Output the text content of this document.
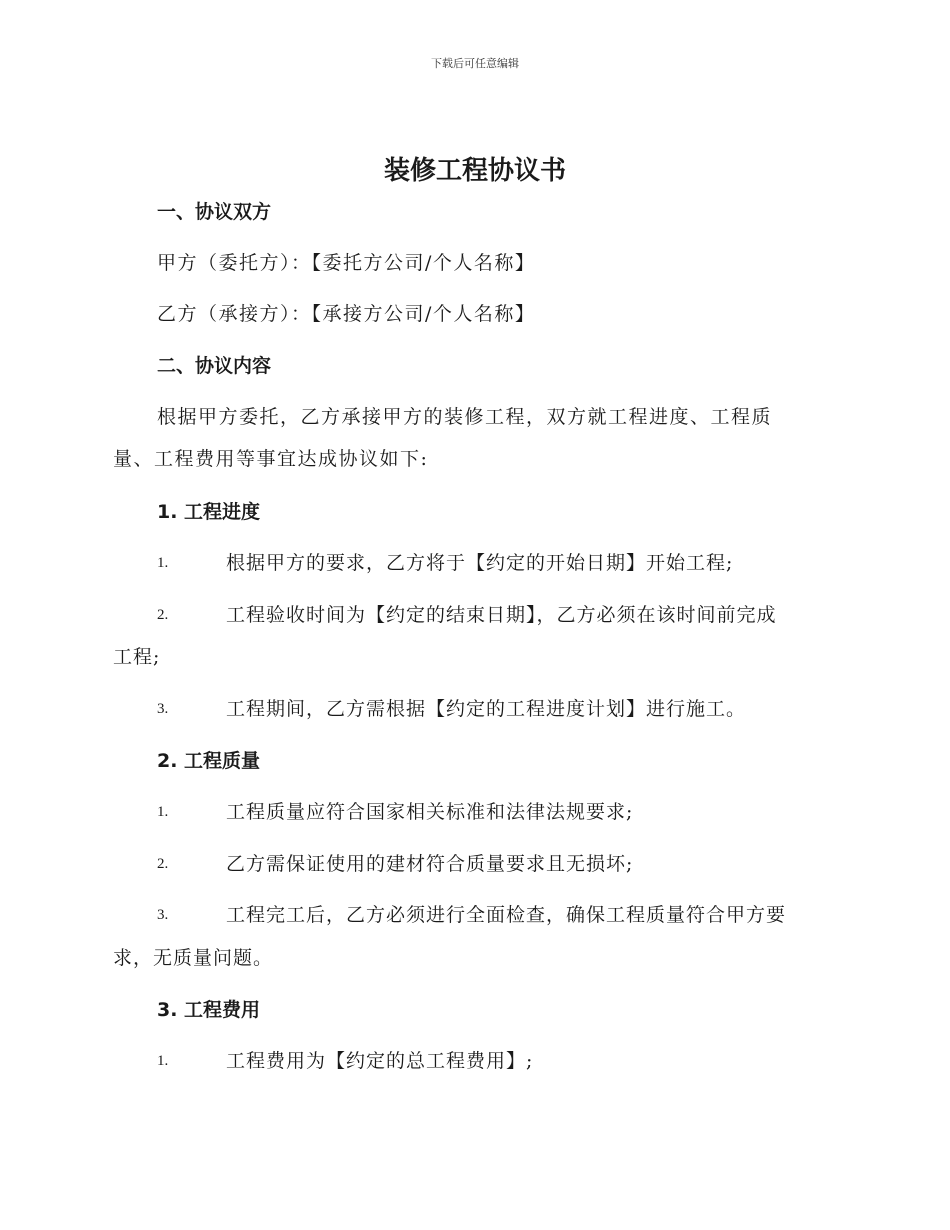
下载后可任意编辑
装修工程协议书
一、协议双方
甲方（委托方）：【委托方公司/个人名称】
乙方（承接方）：【承接方公司/个人名称】
二、协议内容
根据甲方委托，乙方承接甲方的装修工程，双方就工程进度、工程质
量、工程费用等事宜达成协议如下:
1. 工程进度
1.	根据甲方的要求，乙方将于【约定的开始日期】开始工程;
2.	工程验收时间为【约定的结束日期】，乙方必须在该时间前完成
工程;
3.	工程期间，乙方需根据【约定的工程进度计划】进行施工。
2. 工程质量
1.	工程质量应符合国家相关标准和法律法规要求;
2.	乙方需保证使用的建材符合质量要求且无损坏;
3.	工程完工后，乙方必须进行全面检查，确保工程质量符合甲方要
求，无质量问题。
3. 工程费用
1.	工程费用为【约定的总工程费用】;
